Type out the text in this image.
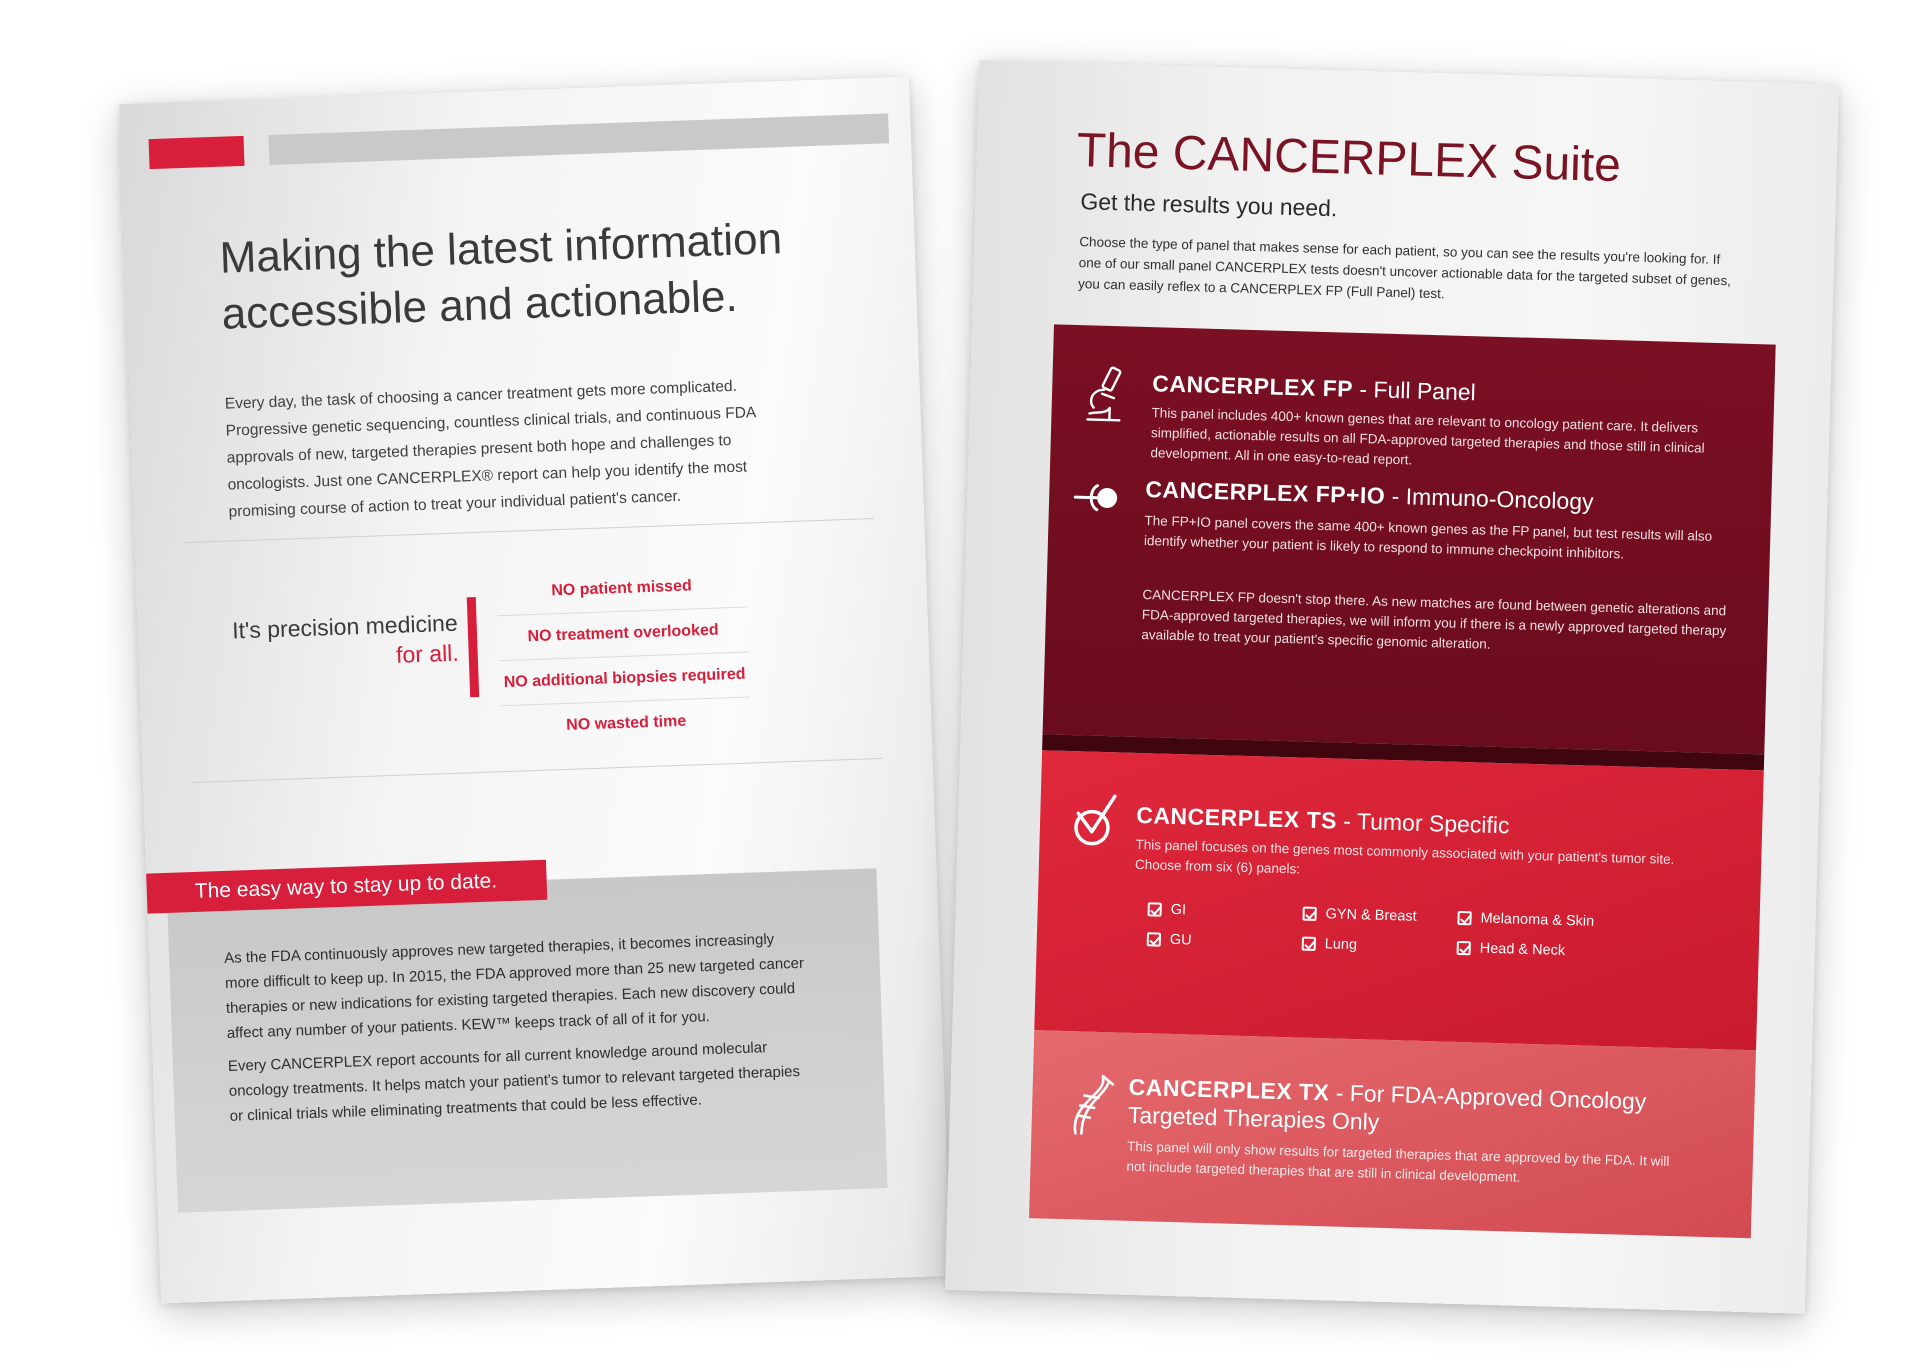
Making the latest information accessible and actionable.
Every day, the task of choosing a cancer treatment gets more complicated. Progressive genetic sequencing, countless clinical trials, and continuous FDA approvals of new, targeted therapies present both hope and challenges to oncologists. Just one CANCERPLEX® report can help you identify the most promising course of action to treat your individual patient's cancer.
It's precision medicine
for all.
NO patient missed
NO treatment overlooked
NO additional biopsies required
NO wasted time
The easy way to stay up to date.

As the FDA continuously approves new targeted therapies, it becomes increasingly more difficult to keep up. In 2015, the FDA approved more than 25 new targeted cancer therapies or new indications for existing targeted therapies. Each new discovery could affect any number of your patients. KEW™ keeps track of all of it for you.

Every CANCERPLEX report accounts for all current knowledge around molecular oncology treatments. It helps match your patient's tumor to relevant targeted therapies or clinical trials while eliminating treatments that could be less effective.

The CANCERPLEX Suite
Get the results you need.
Choose the type of panel that makes sense for each patient, so you can see the results you're looking for. If one of our small panel CANCERPLEX tests doesn't uncover actionable data for the targeted subset of genes, you can easily reflex to a CANCERPLEX FP (Full Panel) test.
CANCERPLEX FP - Full Panel
This panel includes 400+ known genes that are relevant to oncology patient care. It delivers simplified, actionable results on all FDA-approved targeted therapies and those still in clinical development. All in one easy-to-read report.
CANCERPLEX FP+IO - Immuno-Oncology
The FP+IO panel covers the same 400+ known genes as the FP panel, but test results will also identify whether your patient is likely to respond to immune checkpoint inhibitors.
CANCERPLEX FP doesn't stop there. As new matches are found between genetic alterations and FDA-approved targeted therapies, we will inform you if there is a newly approved targeted therapy available to treat your patient's specific genomic alteration.
CANCERPLEX TS - Tumor Specific
This panel focuses on the genes most commonly associated with your patient's tumor site. Choose from six (6) panels:
GI
GU
GYN & Breast
Lung
Melanoma & Skin
Head & Neck
CANCERPLEX TX - For FDA-Approved Oncology
Targeted Therapies Only
This panel will only show results for targeted therapies that are approved by the FDA. It will not include targeted therapies that are still in clinical development.
